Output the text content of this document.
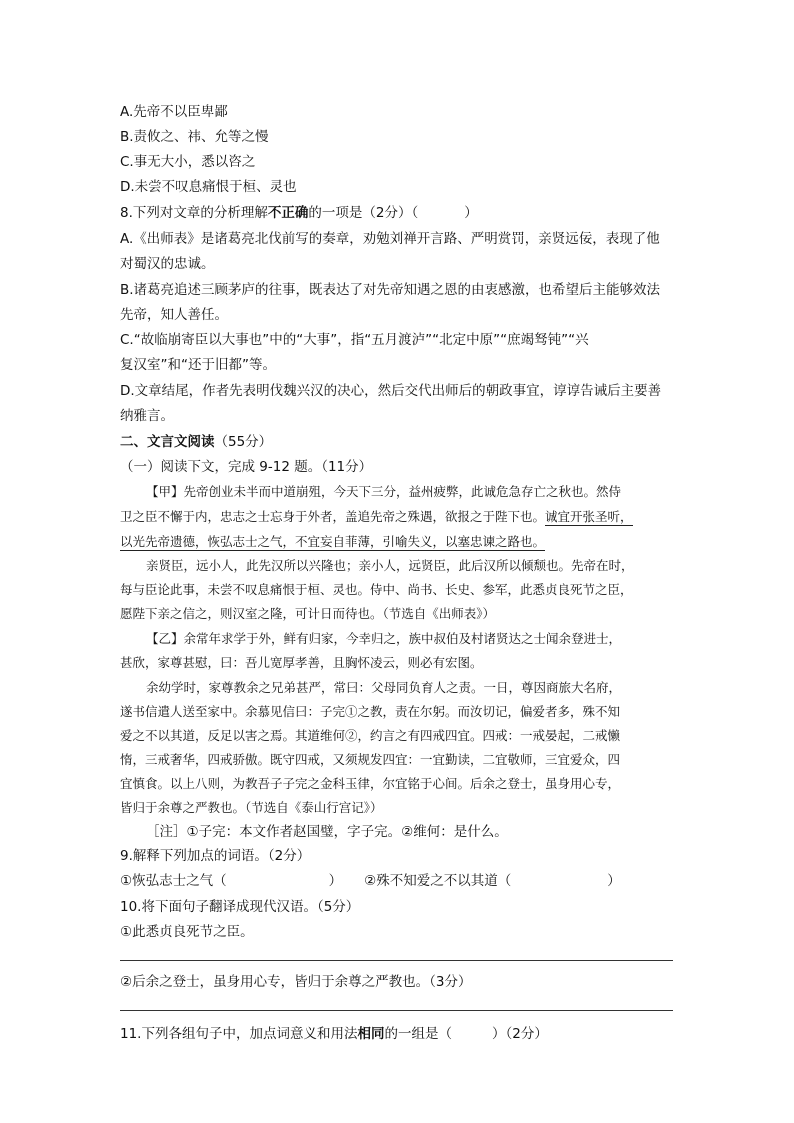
A.先帝不以臣卑鄙
B.责攸之、祎、允等之慢
C.事无大小，悉以咨之
D.未尝不叹息痛恨于桓、灵也
8.下列对文章的分析理解不正确的一项是（2分）（	）
A.《出师表》是诸葛亮北伐前写的奏章，劝勉刘禅开言路、严明赏罚，亲贤远佞，表现了他
对蜀汉的忠诚。
B.诸葛亮追述三顾茅庐的往事，既表达了对先帝知遇之恩的由衷感激，也希望后主能够效法
先帝，知人善任。
C.“故临崩寄臣以大事也”中的“大事”，指“五月渡泸”“北定中原”“庶竭驽钝”“兴
复汉室”和“还于旧都”等。
D.文章结尾，作者先表明伐魏兴汉的决心，然后交代出师后的朝政事宜，谆谆告诫后主要善
纳雅言。
二、文言文阅读（55分）
（一）阅读下文，完成 9-12 题。（11分）
【甲】先帝创业未半而中道崩殂，今天下三分，益州疲弊，此诚危急存亡之秋也。然侍
卫之臣不懈于内，忠志之士忘身于外者，盖追先帝之殊遇，欲报之于陛下也。诚宜开张圣听，
以光先帝遗德，恢弘志士之气，不宜妄自菲薄，引喻失义，以塞忠谏之路也。
亲贤臣，远小人，此先汉所以兴隆也；亲小人，远贤臣，此后汉所以倾颓也。先帝在时，
每与臣论此事，未尝不叹息痛恨于桓、灵也。侍中、尚书、长史、参军，此悉贞良死节之臣，
愿陛下亲之信之，则汉室之隆，可计日而待也。（节选自《出师表》）
【乙】余常年求学于外，鲜有归家，今幸归之，族中叔伯及村诸贤达之士闻余登进士，
甚欣，家尊甚慰，曰：吾儿宽厚孝善，且胸怀凌云，则必有宏图。
余幼学时，家尊教余之兄弟甚严，常曰：父母同负育人之责。一日，尊因商旅大名府，
遂书信遣人送至家中。余慕见信曰：子完①之教，责在尔躬。而汝切记，偏爱者多，殊不知
爱之不以其道，反足以害之焉。其道维何②，约言之有四戒四宜。四戒：一戒晏起，二戒懒
惰，三戒奢华，四戒骄傲。既守四戒，又须规发四宜：一宜勤读，二宜敬师，三宜爱众，四
宜慎食。以上八则，为教吾子子完之金科玉律，尔宜铭于心间。后余之登士，虽身用心专，
皆归于余尊之严教也。（节选自《泰山行宫记》）
［注］①子完：本文作者赵国璧，字子完。②维何：是什么。
9.解释下列加点的词语。（2分）
①恢弘志士之气（	） ②殊不知爱之不以其道（	）
10.将下面句子翻译成现代汉语。（5分）
①此悉贞良死节之臣。
②后余之登士，虽身用心专，皆归于余尊之严教也。（3分）
11.下列各组句子中，加点词意义和用法相同的一组是（	）（2分）
